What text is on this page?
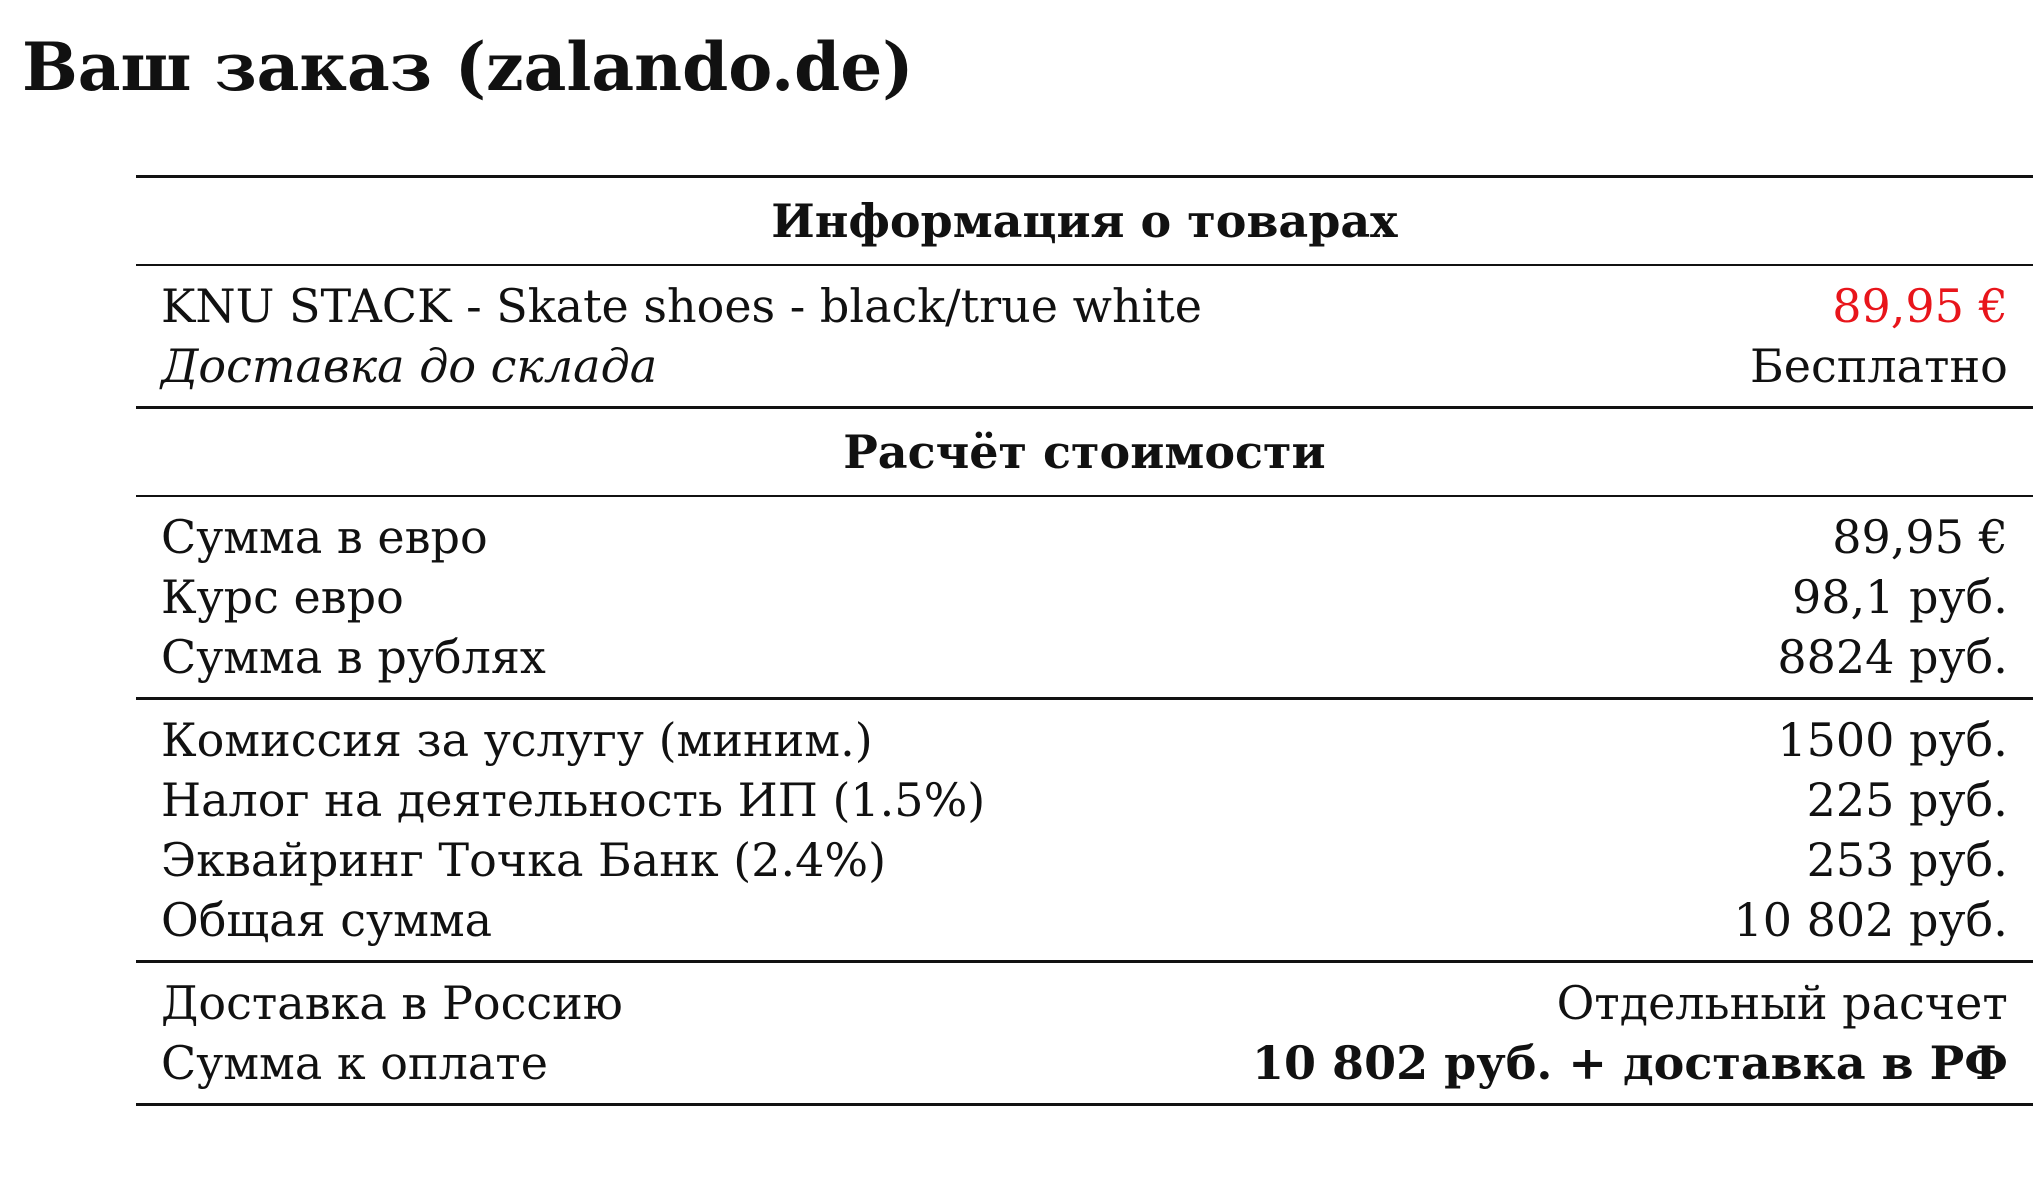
Ваш заказ (zalando.de)
Информация о товарах	
KNU STACK - Skate shoes - black/true white	89,95 €
Доставка до склада	Бесплатно
Расчёт стоимости	
Сумма в евро	89,95 €
Курс евро	98,1 руб.
Сумма в рублях	8824 руб.
Комиссия за услугу (миним.)	1500 руб.
Налог на деятельность ИП (1.5%)	225 руб.
Эквайринг Точка Банк (2.4%)	253 руб.
Общая сумма	10 802 руб.
Доставка в Россию	Отдельный расчет
Сумма к оплате	10 802 руб. + доставка в РФ
